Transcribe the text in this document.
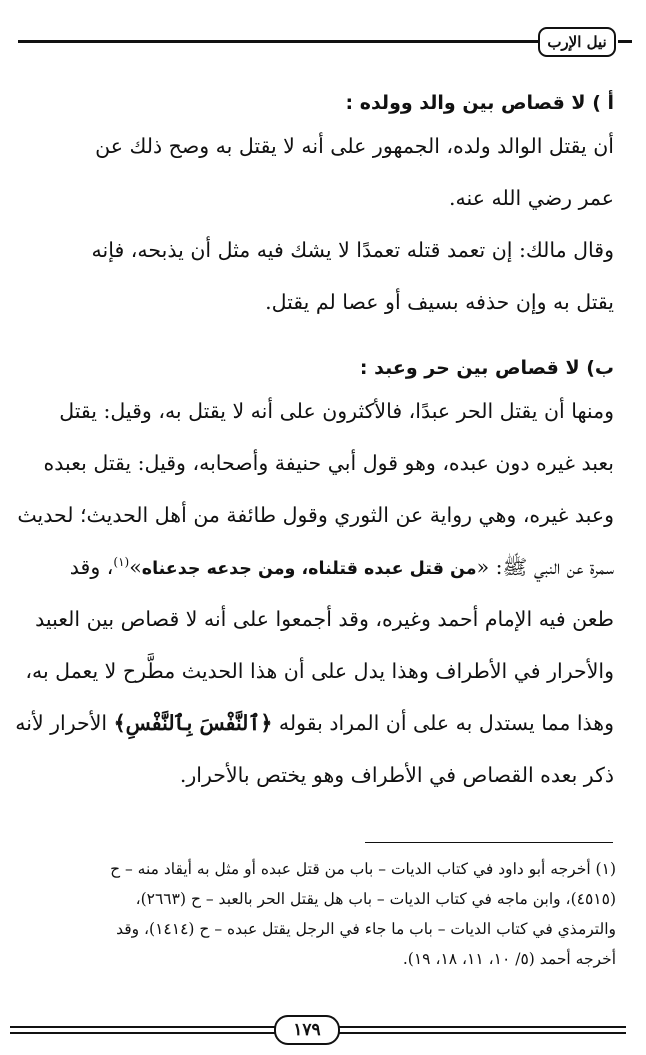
نيل الإرب
أ ) لا قصاص بين والد وولده :
أن يقتل الوالد ولده، الجمهور على أنه لا يقتل به وصح ذلك عن
عمر رضي الله عنه.
وقال مالك: إن تعمد قتله تعمدًا لا يشك فيه مثل أن يذبحه، فإنه
يقتل به وإن حذفه بسيف أو عصا لم يقتل.
ب) لا قصاص بين حر وعبد :
ومنها أن يقتل الحر عبدًا، فالأكثرون على أنه لا يقتل به، وقيل: يقتل
بعبد غيره دون عبده، وهو قول أبي حنيفة وأصحابه، وقيل: يقتل بعبده
وعبد غيره، وهي رواية عن الثوري وقول طائفة من أهل الحديث؛ لحديث
سمرة عن النبي ﷺ: «من قتل عبده قتلناه، ومن جدعه جدعناه»$^{(١)}$، وقد
طعن فيه الإمام أحمد وغيره، وقد أجمعوا على أنه لا قصاص بين العبيد
والأحرار في الأطراف وهذا يدل على أن هذا الحديث مطَّرح لا يعمل به،
وهذا مما يستدل به على أن المراد بقوله ﴿ٱلنَّفْسَ بِٱلنَّفْسِ﴾ الأحرار لأنه
ذكر بعده القصاص في الأطراف وهو يختص بالأحرار.
(١) أخرجه أبو داود في كتاب الديات – باب من قتل عبده أو مثل به أيقاد منه – ح
(٤٥١٥)، وابن ماجه في كتاب الديات – باب هل يقتل الحر بالعبد – ح (٢٦٦٣)،
والترمذي في كتاب الديات – باب ما جاء في الرجل يقتل عبده – ح (١٤١٤)، وقد
أخرجه أحمد (٥/ ١٠، ١١، ١٨، ١٩).
١٧٩
